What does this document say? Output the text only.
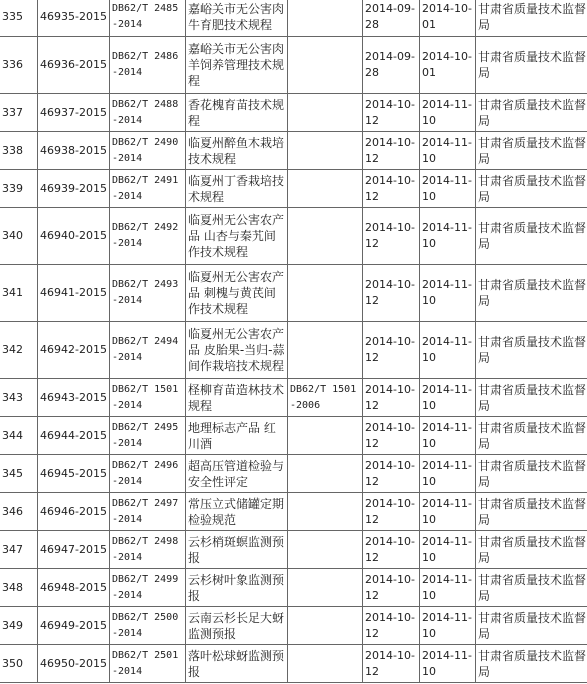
335	46935-2015	DB62/T 2485-2014	嘉峪关市无公害肉牛育肥技术规程		2014-09-28	2014-10-01	甘肃省质量技术监督局
336	46936-2015	DB62/T 2486-2014	嘉峪关市无公害肉羊饲养管理技术规程		2014-09-28	2014-10-01	甘肃省质量技术监督局
337	46937-2015	DB62/T 2488-2014	香花槐育苗技术规程		2014-10-12	2014-11-10	甘肃省质量技术监督局
338	46938-2015	DB62/T 2490-2014	临夏州醉鱼木栽培技术规程		2014-10-12	2014-11-10	甘肃省质量技术监督局
339	46939-2015	DB62/T 2491-2014	临夏州丁香栽培技术规程		2014-10-12	2014-11-10	甘肃省质量技术监督局
340	46940-2015	DB62/T 2492-2014	临夏州无公害农产品 山杏与秦艽间作技术规程		2014-10-12	2014-11-10	甘肃省质量技术监督局
341	46941-2015	DB62/T 2493-2014	临夏州无公害农产品 刺槐与黄芪间作技术规程		2014-10-12	2014-11-10	甘肃省质量技术监督局
342	46942-2015	DB62/T 2494-2014	临夏州无公害农产品 皮胎果-当归-蒜间作栽培技术规程		2014-10-12	2014-11-10	甘肃省质量技术监督局
343	46943-2015	DB62/T 1501-2014	柽柳育苗造林技术规程	DB62/T 1501-2006	2014-10-12	2014-11-10	甘肃省质量技术监督局
344	46944-2015	DB62/T 2495-2014	地理标志产品 红川酒		2014-10-12	2014-11-10	甘肃省质量技术监督局
345	46945-2015	DB62/T 2496-2014	超高压管道检验与安全性评定		2014-10-12	2014-11-10	甘肃省质量技术监督局
346	46946-2015	DB62/T 2497-2014	常压立式储罐定期检验规范		2014-10-12	2014-11-10	甘肃省质量技术监督局
347	46947-2015	DB62/T 2498-2014	云杉梢斑螟监测预报		2014-10-12	2014-11-10	甘肃省质量技术监督局
348	46948-2015	DB62/T 2499-2014	云杉树叶象监测预报		2014-10-12	2014-11-10	甘肃省质量技术监督局
349	46949-2015	DB62/T 2500-2014	云南云杉长足大蚜监测预报		2014-10-12	2014-11-10	甘肃省质量技术监督局
350	46950-2015	DB62/T 2501-2014	落叶松球蚜监测预报		2014-10-12	2014-11-10	甘肃省质量技术监督局
